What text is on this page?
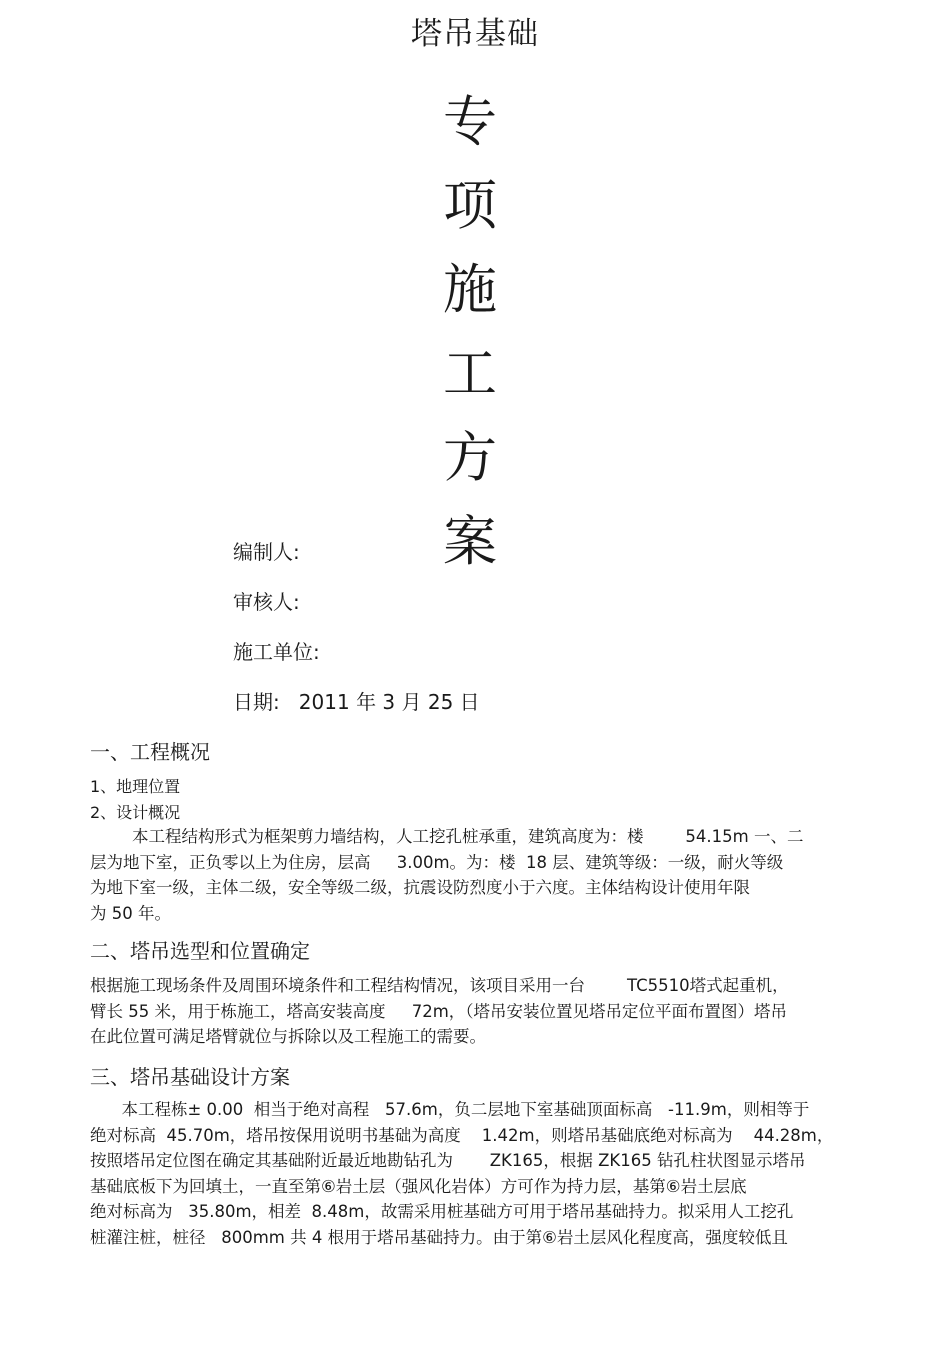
塔吊基础
专
项
施
工
方
案
编制人:
审核人:
施工单位:
日期:   2011 年 3 月 25 日
一、工程概况
1、地理位置
2、设计概况
本工程结构形式为框架剪力墙结构，人工挖孔桩承重，建筑高度为：楼        54.15m 一、二
层为地下室，正负零以上为住房，层高     3.00m。为：楼  18 层、建筑等级：一级，耐火等级
为地下室一级，主体二级，安全等级二级，抗震设防烈度小于六度。主体结构设计使用年限
为 50 年。
二、塔吊选型和位置确定
根据施工现场条件及周围环境条件和工程结构情况，该项目采用一台        TC5510塔式起重机，
臂长 55 米，用于栋施工，塔高安装高度     72m，（塔吊安装位置见塔吊定位平面布置图）塔吊
在此位置可满足塔臂就位与拆除以及工程施工的需要。
三、塔吊基础设计方案
本工程栋± 0.00  相当于绝对高程   57.6m，负二层地下室基础顶面标高   -11.9m，则相等于
绝对标高  45.70m，塔吊按保用说明书基础为高度    1.42m，则塔吊基础底绝对标高为    44.28m，
按照塔吊定位图在确定其基础附近最近地勘钻孔为       ZK165，根据 ZK165 钻孔柱状图显示塔吊
基础底板下为回填土，一直至第⑥岩土层（强风化岩体）方可作为持力层，基第⑥岩土层底
绝对标高为   35.80m，相差  8.48m，故需采用桩基础方可用于塔吊基础持力。拟采用人工挖孔
桩灌注桩，桩径   800mm 共 4 根用于塔吊基础持力。由于第⑥岩土层风化程度高，强度较低且
